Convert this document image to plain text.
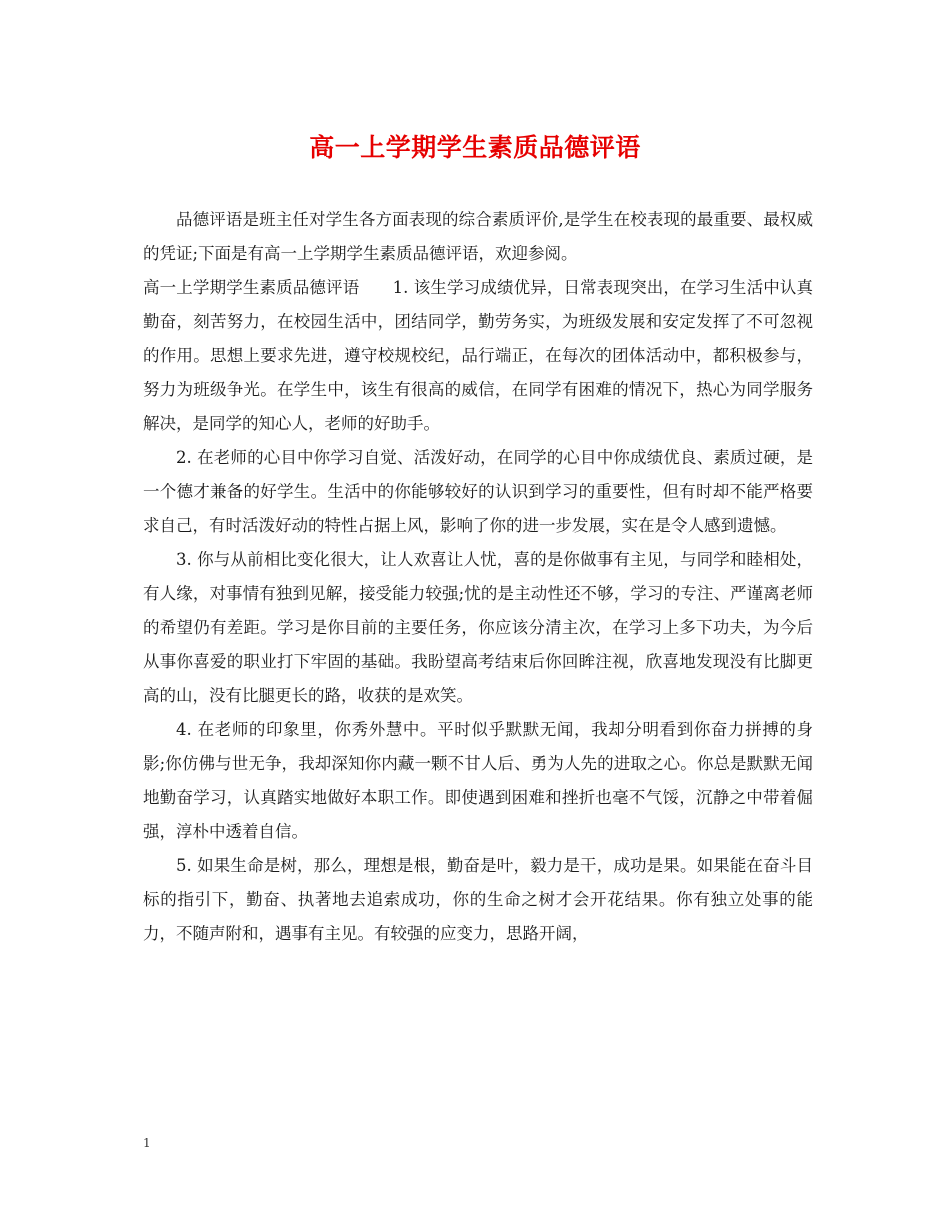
高一上学期学生素质品德评语

品德评语是班主任对学生各方面表现的综合素质评价,是学生在校表现的最重要、最权威的凭证;下面是有高一上学期学生素质品德评语，欢迎参阅。

高一上学期学生素质品德评语　　1. 该生学习成绩优异，日常表现突出，在学习生活中认真勤奋，刻苦努力，在校园生活中，团结同学，勤劳务实，为班级发展和安定发挥了不可忽视的作用。思想上要求先进，遵守校规校纪，品行端正，在每次的团体活动中，都积极参与，努力为班级争光。在学生中，该生有很高的威信，在同学有困难的情况下，热心为同学服务解决，是同学的知心人，老师的好助手。

2. 在老师的心目中你学习自觉、活泼好动，在同学的心目中你成绩优良、素质过硬，是一个德才兼备的好学生。生活中的你能够较好的认识到学习的重要性，但有时却不能严格要求自己，有时活泼好动的特性占据上风，影响了你的进一步发展，实在是令人感到遗憾。

3. 你与从前相比变化很大，让人欢喜让人忧，喜的是你做事有主见，与同学和睦相处，有人缘，对事情有独到见解，接受能力较强;忧的是主动性还不够，学习的专注、严谨离老师的希望仍有差距。学习是你目前的主要任务，你应该分清主次，在学习上多下功夫，为今后从事你喜爱的职业打下牢固的基础。我盼望高考结束后你回眸注视，欣喜地发现没有比脚更高的山，没有比腿更长的路，收获的是欢笑。

4. 在老师的印象里，你秀外慧中。平时似乎默默无闻，我却分明看到你奋力拼搏的身影;你仿佛与世无争，我却深知你内藏一颗不甘人后、勇为人先的进取之心。你总是默默无闻地勤奋学习，认真踏实地做好本职工作。即使遇到困难和挫折也毫不气馁，沉静之中带着倔强，淳朴中透着自信。

5. 如果生命是树，那么，理想是根，勤奋是叶，毅力是干，成功是果。如果能在奋斗目标的指引下，勤奋、执著地去追索成功，你的生命之树才会开花结果。你有独立处事的能力，不随声附和，遇事有主见。有较强的应变力，思路开阔，

1
